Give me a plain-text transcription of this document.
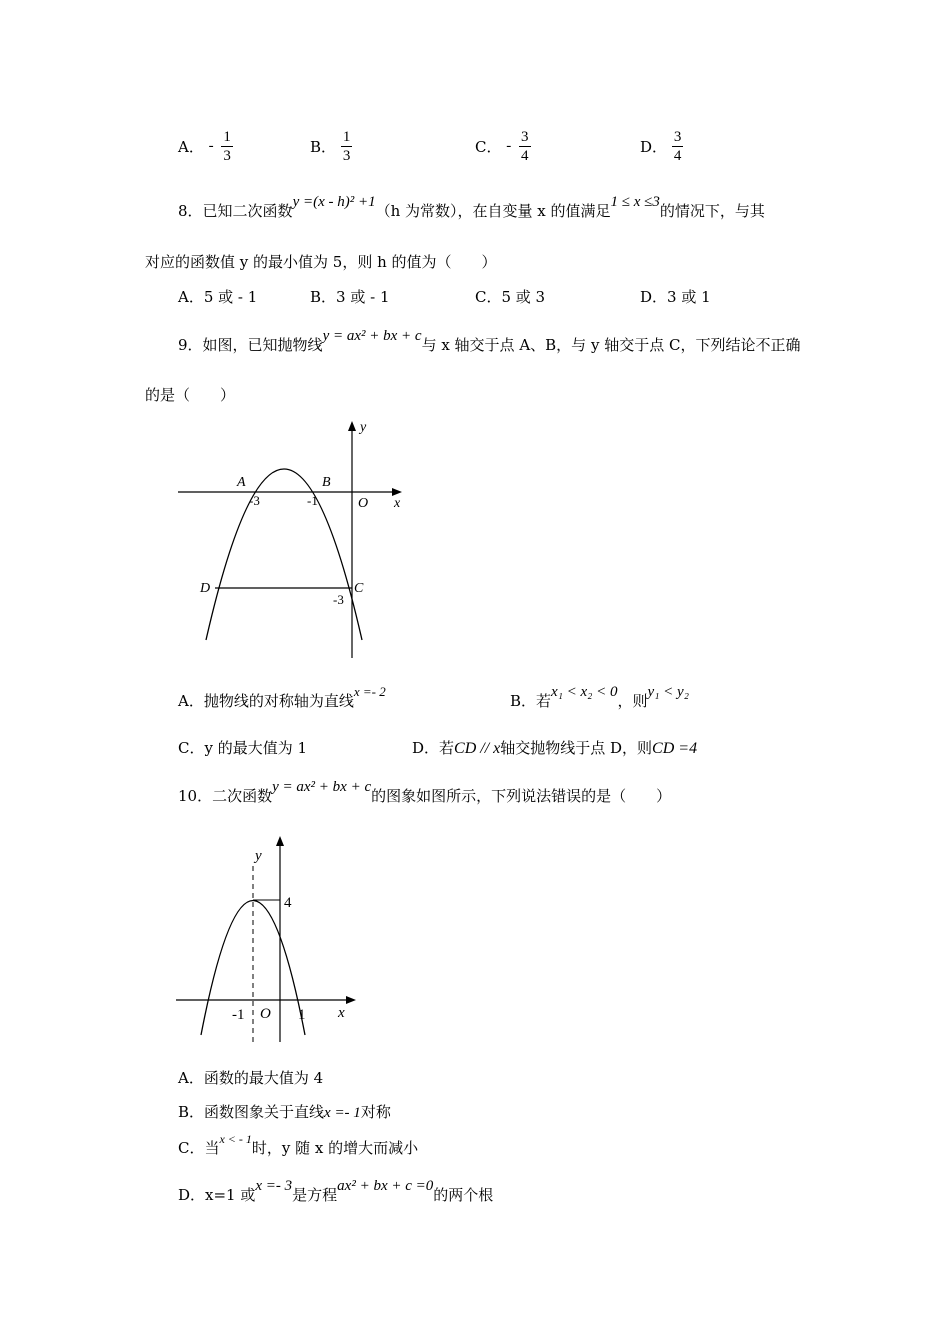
A． - $\frac{1}{3}$	B． $\frac{1}{3}$	C． - $\frac{3}{4}$	D． $\frac{3}{4}$
8．已知二次函数y =(x - h)² +1（h 为常数），在自变量 x 的值满足1 ≤ x ≤3的情况下，与其
对应的函数值 y 的最小值为 5，则 h 的值为（　　）
A．5 或 - 1	B．3 或 - 1	C．5 或 3	D．3 或 1
9．如图，已知抛物线y = ax² + bx + c与 x 轴交于点 A、B，与 y 轴交于点 C，下列结论不正确
的是（　　）
y
x
O
A	B
C
D
-3	-1
-3
A．抛物线的对称轴为直线x =- 2
B．若x₁ < x₂ < 0，则y₁ < y₂
C．y 的最大值为 1	D．若CD // x轴交抛物线于点 D，则CD =4
10．二次函数y = ax² + bx + c的图象如图所示，下列说法错误的是（　　）
y
x
O
4
-1	1
A．函数的最大值为 4
B．函数图象关于直线x =- 1对称
C．当$^{x < - 1}$时，y 随 x 的增大而减小
D．x=1 或x =- 3是方程ax² + bx + c =0的两个根
